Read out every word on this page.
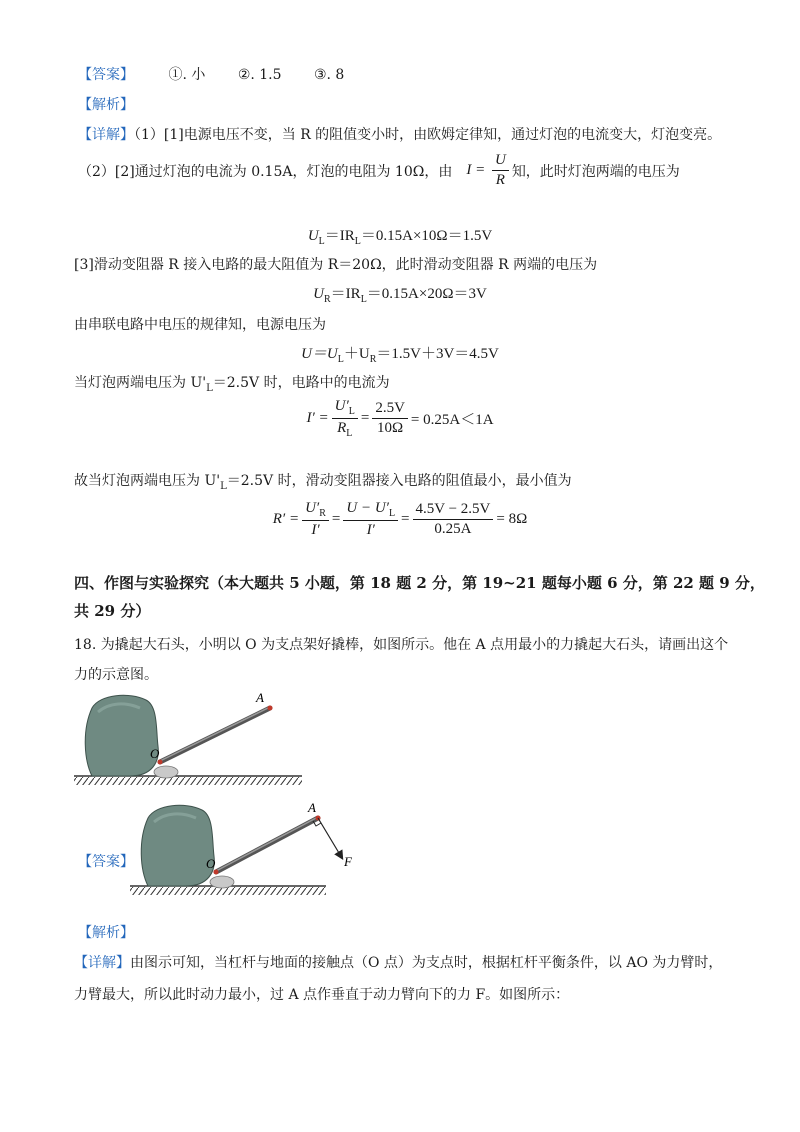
【答案】 ①. 小 ②. 1.5 ③. 8
【解析】
【详解】（1）[1]电源电压不变，当 R 的阻值变小时，由欧姆定律知，通过灯泡的电流变大，灯泡变亮。
（2）[2]通过灯泡的电流为 0.15A，灯泡的电阻为 10Ω，由 $I = \frac{U}{R}$ 知，此时灯泡两端的电压为
$U_L=IR_L=0.15A\times 10\Omega=1.5V$
[3]滑动变阻器 R 接入电路的最大阻值为 R＝20Ω，此时滑动变阻器 R 两端的电压为
$U_R=IR_L=0.15A\times 20\Omega=3V$
由串联电路中电压的规律知，电源电压为
$U=U_L+U_R=1.5V+3V=4.5V$
当灯泡两端电压为 $U'_L=2.5V$ 时，电路中的电流为
$I' = \frac{U'_L}{R_L} = \frac{2.5V}{10\Omega} = 0.25A<1A$
故当灯泡两端电压为 $U'_L=2.5V$ 时，滑动变阻器接入电路的阻值最小，最小值为
$R' = \frac{U'_R}{I'} = \frac{U - U'_L}{I'} = \frac{4.5V - 2.5V}{0.25A} = 8\Omega$
四、作图与实验探究（本大题共 5 小题，第 18 题 2 分，第 19~21 题每小题 6 分，第 22 题 9 分，
共 29 分）
18. 为撬起大石头，小明以 O 为支点架好撬棒，如图所示。他在 A 点用最小的力撬起大石头，请画出这个
力的示意图。
A
O
【答案】
A
O	F
【解析】
【详解】由图示可知，当杠杆与地面的接触点（O 点）为支点时，根据杠杆平衡条件，以 AO 为力臂时，
力臂最大，所以此时动力最小，过 A 点作垂直于动力臂向下的力 F。如图所示：
